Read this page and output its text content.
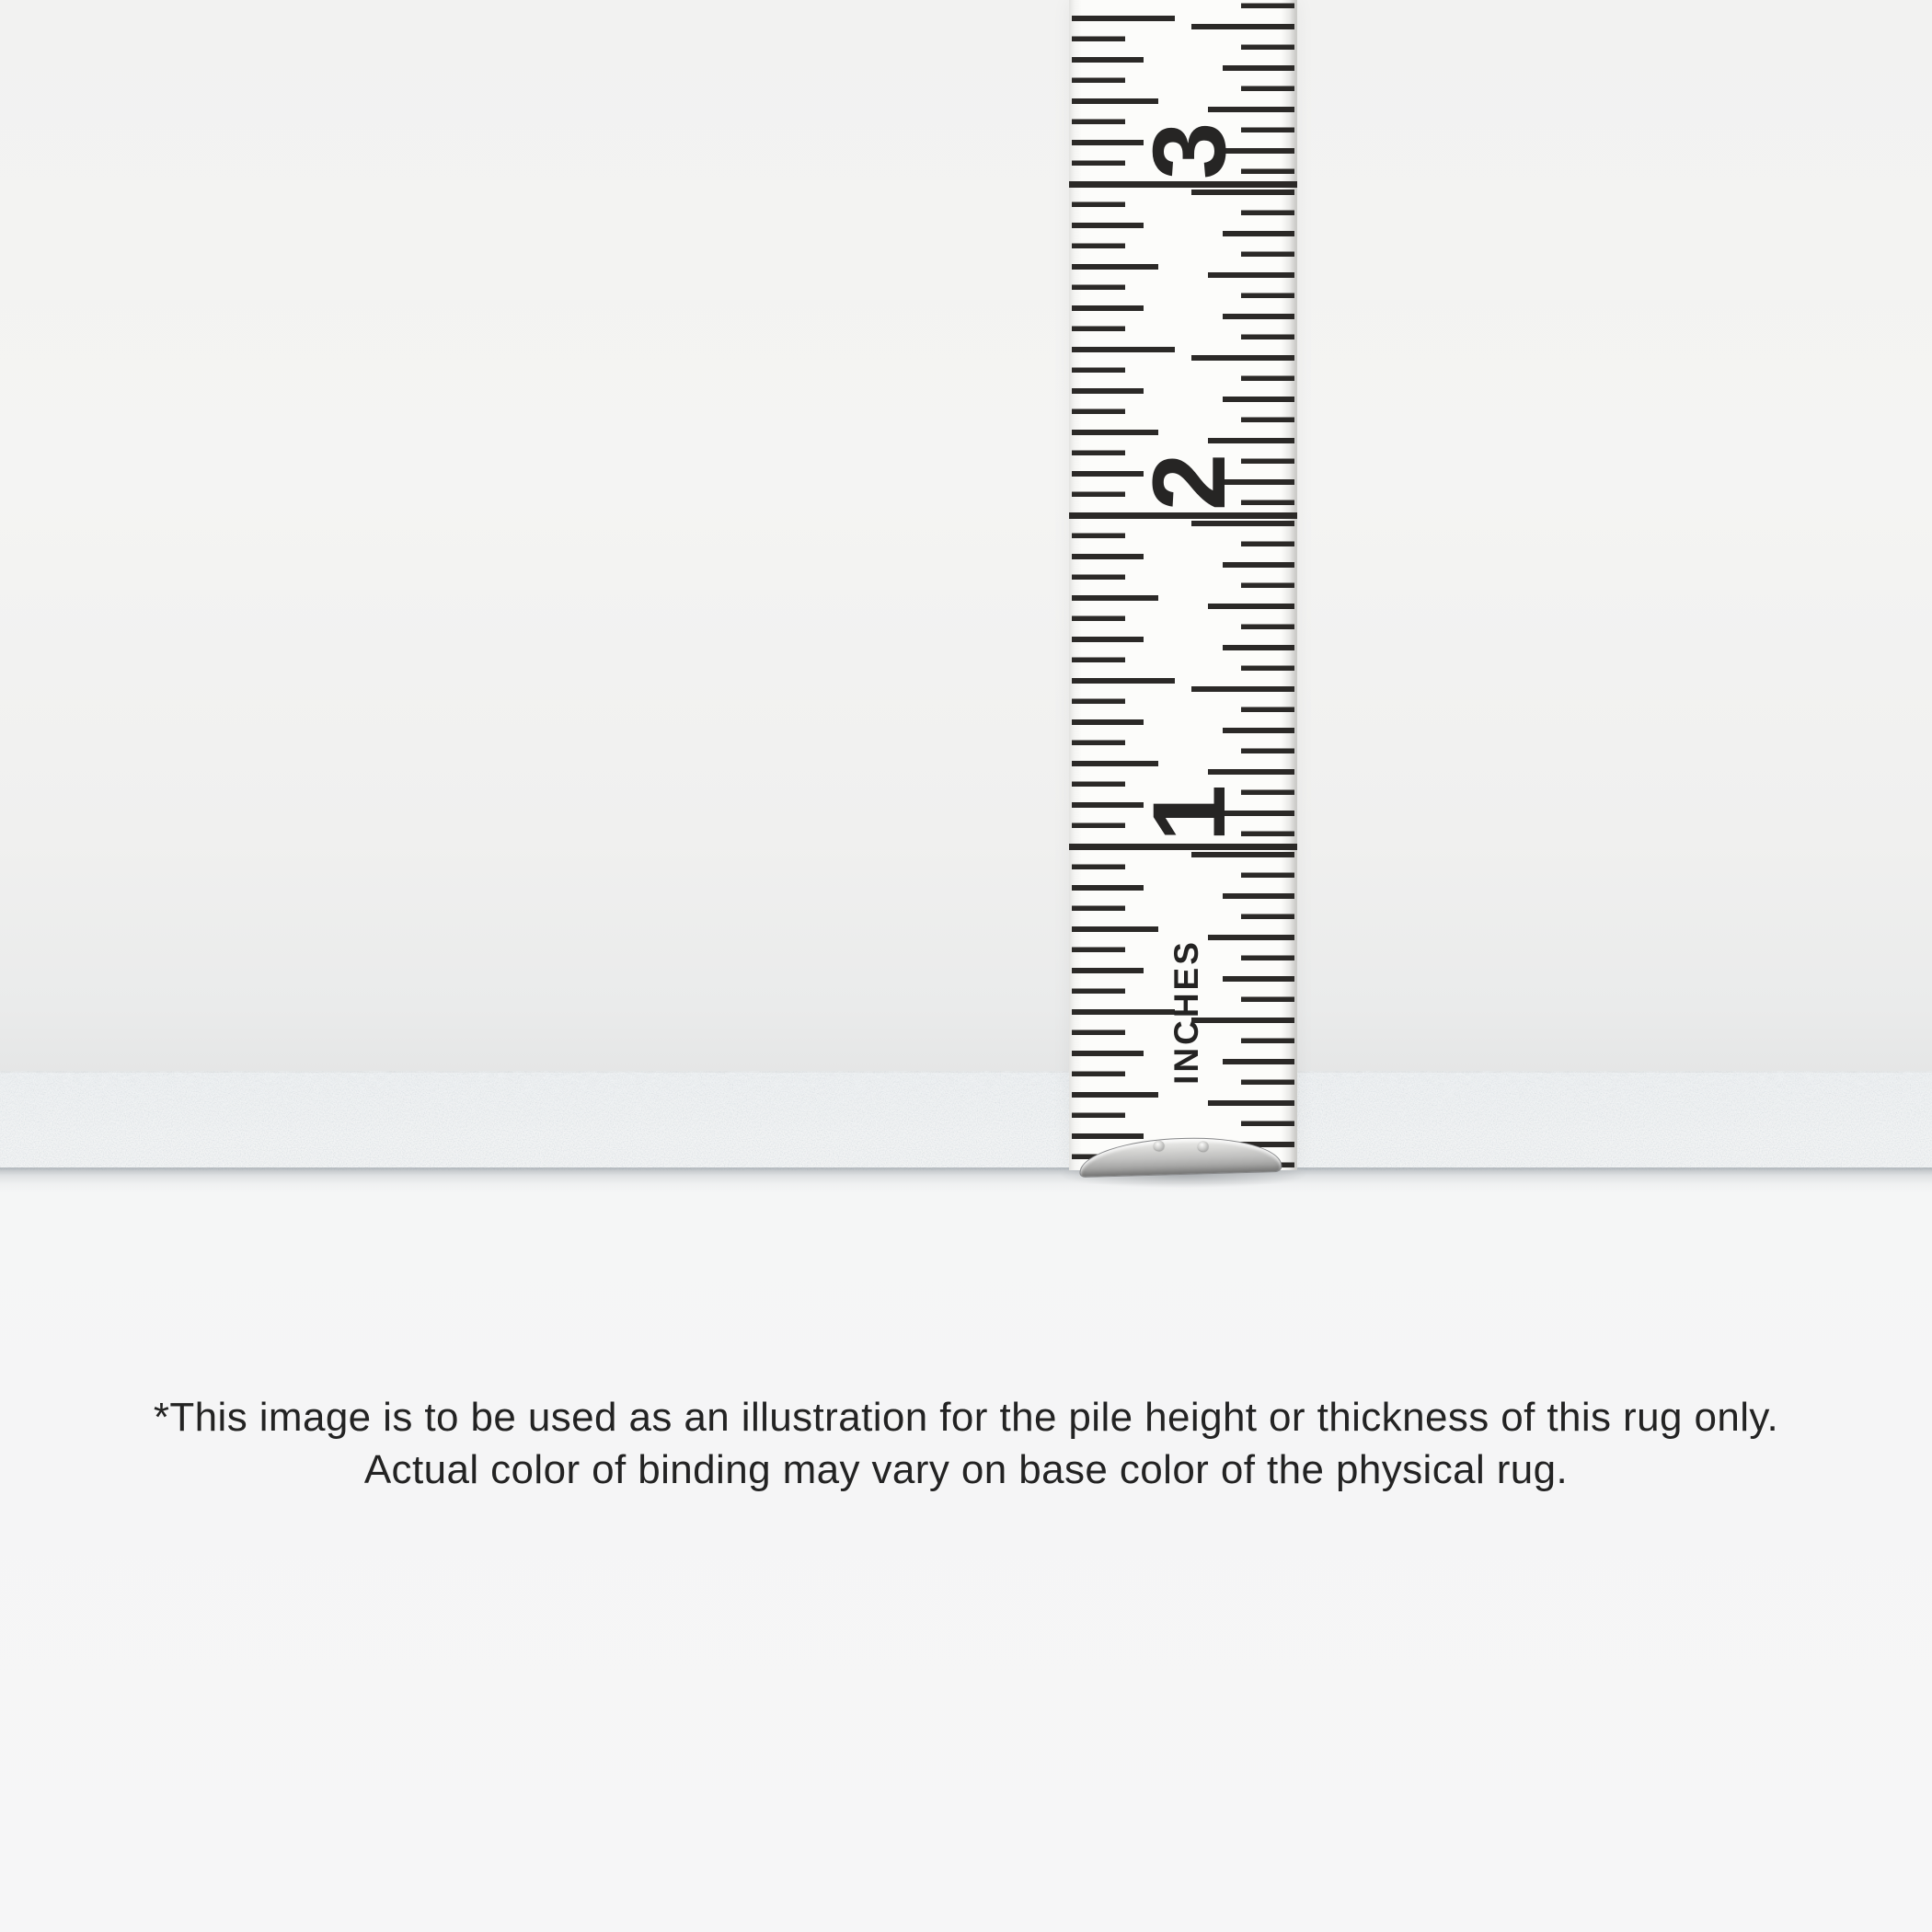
3
2
1
INCHES

*This image is to be used as an illustration for the pile height or thickness of this rug only.

Actual color of binding may vary on base color of the physical rug.
